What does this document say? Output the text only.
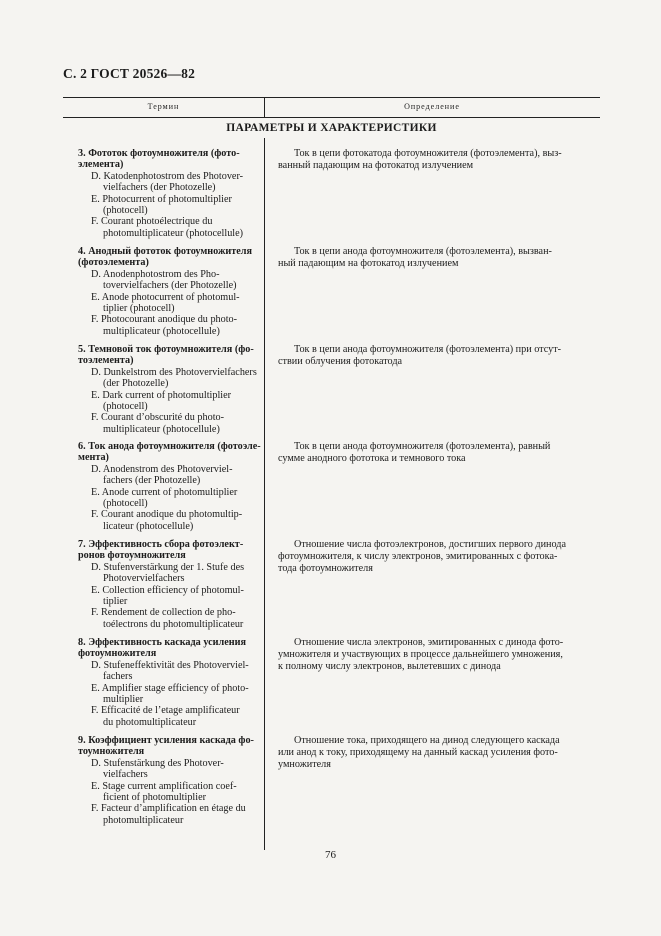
С. 2 ГОСТ 20526—82
Термин	Определение
ПАРАМЕТРЫ И ХАРАКТЕРИСТИКИ
3. Фототок фотоумножителя (фото-
элемента)
D. Katodenphotostrom des Photover-
vielfachers (der Photozelle)
E. Photocurrent of photomultiplier
(photocell)
F. Courant photoélectrique du
photomultiplicateur (photocellule)
Ток в цепи фотокатода фотоумножителя (фотоэлемента), выз-
ванный падающим на фотокатод излучением
4. Анодный фототок фотоумножителя
(фотоэлемента)
D. Anodenphotostrom des Pho-
tovervielfachers (der Photozelle)
E. Anode photocurrent of photomul-
tiplier (photocell)
F. Photocourant anodique du photo-
multiplicateur (photocellule)
Ток в цепи анода фотоумножителя (фотоэлемента), вызван-
ный падающим на фотокатод излучением
5. Темновой ток фотоумножителя (фо-
тоэлемента)
D. Dunkelstrom des Photovervielfachers
(der Photozelle)
E. Dark current of photomultiplier
(photocell)
F. Courant d’obscurité du photo-
multiplicateur (photocellule)
Ток в цепи анода фотоумножителя (фотоэлемента) при отсут-
ствии облучения фотокатода
6. Ток анода фотоумножителя (фотоэле-
мента)
D. Anodenstrom des Photoverviel-
fachers (der Photozelle)
E. Anode current of photomultiplier
(photocell)
F. Courant anodique du photomultip-
licateur (photocellule)
Ток в цепи анода фотоумножителя (фотоэлемента), равный
сумме анодного фототока и темнового тока
7. Эффективность сбора фотоэлект-
ронов фотоумножителя
D. Stufenverstärkung der 1. Stufe des
Photovervielfachers
E. Collection efficiency of photomul-
tiplier
F. Rendement de collection de pho-
toélectrons du photomultiplicateur
Отношение числа фотоэлектронов, достигших первого динода
фотоумножителя, к числу электронов, эмитированных с фотока-
тода фотоумножителя
8. Эффективность каскада усиления
фотоумножителя
D. Stufeneffektivität des Photoverviel-
fachers
E. Amplifier stage efficiency of photo-
multiplier
F. Efficacité de l’etage amplificateur
du photomultiplicateur
Отношение числа электронов, эмитированных с динода фото-
умножителя и участвующих в процессе дальнейшего умножения,
к полному числу электронов, вылетевших с динода
9. Коэффициент усиления каскада фо-
тоумножителя
D. Stufenstärkung des Photover-
vielfachers
E. Stage current amplification coef-
ficient of photomultiplier
F. Facteur d’amplification en étage du
photomultiplicateur
Отношение тока, приходящего на динод следующего каскада
или анод к току, приходящему на данный каскад усиления фото-
умножителя
76
